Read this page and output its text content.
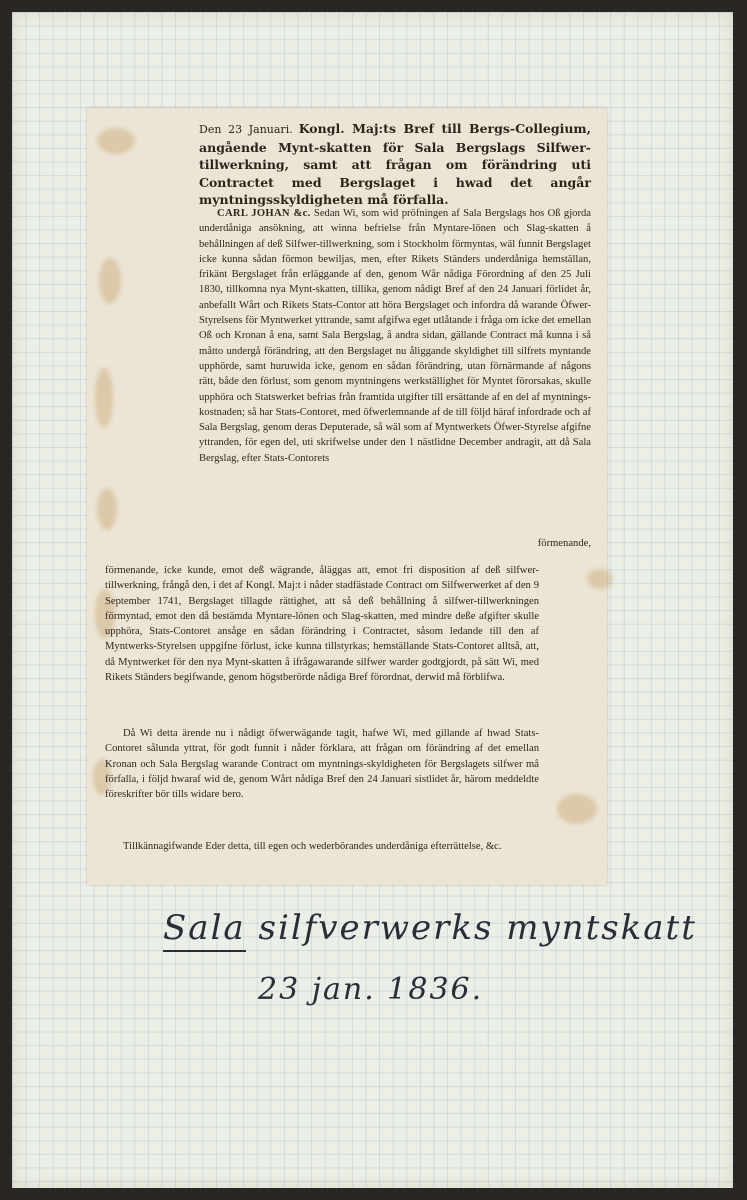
Den 23 Januari. Kongl. Maj:ts Bref till Bergs-Collegium, angående Mynt-skatten för Sala Bergslags Silfwer-tillwerkning, samt att frågan om förändring uti Contractet med Bergslaget i hwad det angår myntningsskyldigheten må förfalla.

CARL JOHAN &c. Sedan Wi, som wid pröfningen af Sala Bergslags hos Oß gjorda underdåniga ansökning, att winna befrielse från Myntare-lönen och Slag-skatten å behållningen af deß Silfwer-tillwerkning, som i Stockholm förmyntas, wäl funnit Bergslaget icke kunna sådan förmon bewiljas, men, efter Rikets Ständers underdåniga hemställan, frikänt Bergslaget från erläggande af den, genom Wår nådiga Förordning af den 25 Juli 1830, tillkomna nya Mynt-skatten, tillika, genom nådigt Bref af den 24 Januari förlidet år, anbefallt Wårt och Rikets Stats-Contor att höra Bergslaget och infordra då warande Öfwer-Styrelsens för Myntwerket yttrande, samt afgifwa eget utlåtande i fråga om icke det emellan Oß och Kronan å ena, samt Sala Bergslag, å andra sidan, gällande Contract må kunna i så måtto undergå förändring, att den Bergslaget nu åliggande skyldighet till silfrets myntande upphörde, samt huruwida icke, genom en sådan förändring, utan förnärmande af någons rätt, både den förlust, som genom myntningens werkställighet för Myntet förorsakas, skulle upphöra och Statswerket befrias från framtida utgifter till ersättande af en del af myntnings-kostnaden; så har Stats-Contoret, med öfwerlemnande af de till följd häraf infordrade och af Sala Bergslag, genom deras Deputerade, så wäl som af Myntwerkets Öfwer-Styrelse afgifne yttranden, för egen del, uti skrifwelse under den 1 nästlidne December andragit, att då Sala Bergslag, efter Stats-Contorets

förmenande,

förmenande, icke kunde, emot deß wägrande, åläggas att, emot fri disposition af deß silfwer-tillwerkning, frångå den, i det af Kongl. Maj:t i nåder stadfästade Contract om Silfwerwerket af den 9 September 1741, Bergslaget tillagde rättighet, att så deß behållning å silfwer-tillwerkningen förmyntad, emot den då bestämda Myntare-lönen och Slag-skatten, med mindre deße afgifter skulle upphöra, Stats-Contoret ansåge en sådan förändring i Contractet, såsom ledande till den af Myntwerks-Styrelsen uppgifne förlust, icke kunna tillstyrkas; hemställande Stats-Contoret alltså, att, då Myntwerket för den nya Mynt-skatten å ifrågawarande silfwer warder godtgjordt, på sätt Wi, med Rikets Ständers begifwande, genom högstberörde nådiga Bref förordnat, derwid må förblifwa.

Då Wi detta ärende nu i nådigt öfwerwägande tagit, hafwe Wi, med gillande af hwad Stats-Contoret sålunda yttrat, för godt funnit i nåder förklara, att frågan om förändring af det emellan Kronan och Sala Bergslag warande Contract om myntnings-skyldigheten för Bergslagets silfwer må förfalla, i följd hwaraf wid de, genom Wårt nådiga Bref den 24 Januari sistlidet år, härom meddeldte föreskrifter bör tills widare bero.

Tillkännagifwande Eder detta, till egen och wederbörandes underdåniga efterrättelse, &c.

Sala silfverwerks myntskatt
23 jan. 1836.
